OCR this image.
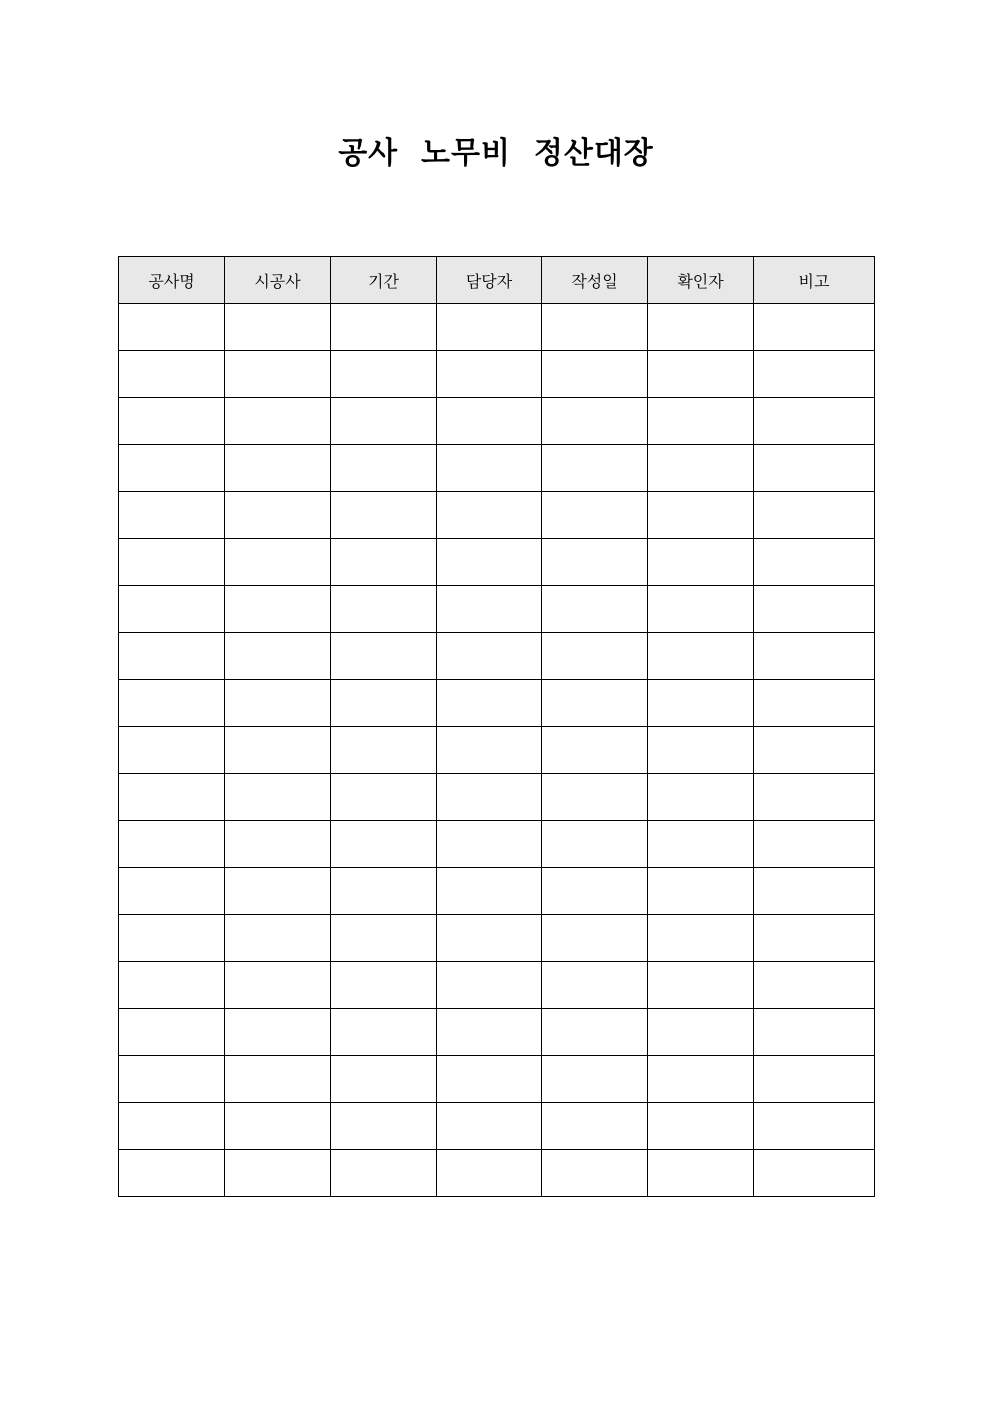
공사  노무비  정산대장
공사명	시공사	기간	담당자	작성일	확인자	비고
